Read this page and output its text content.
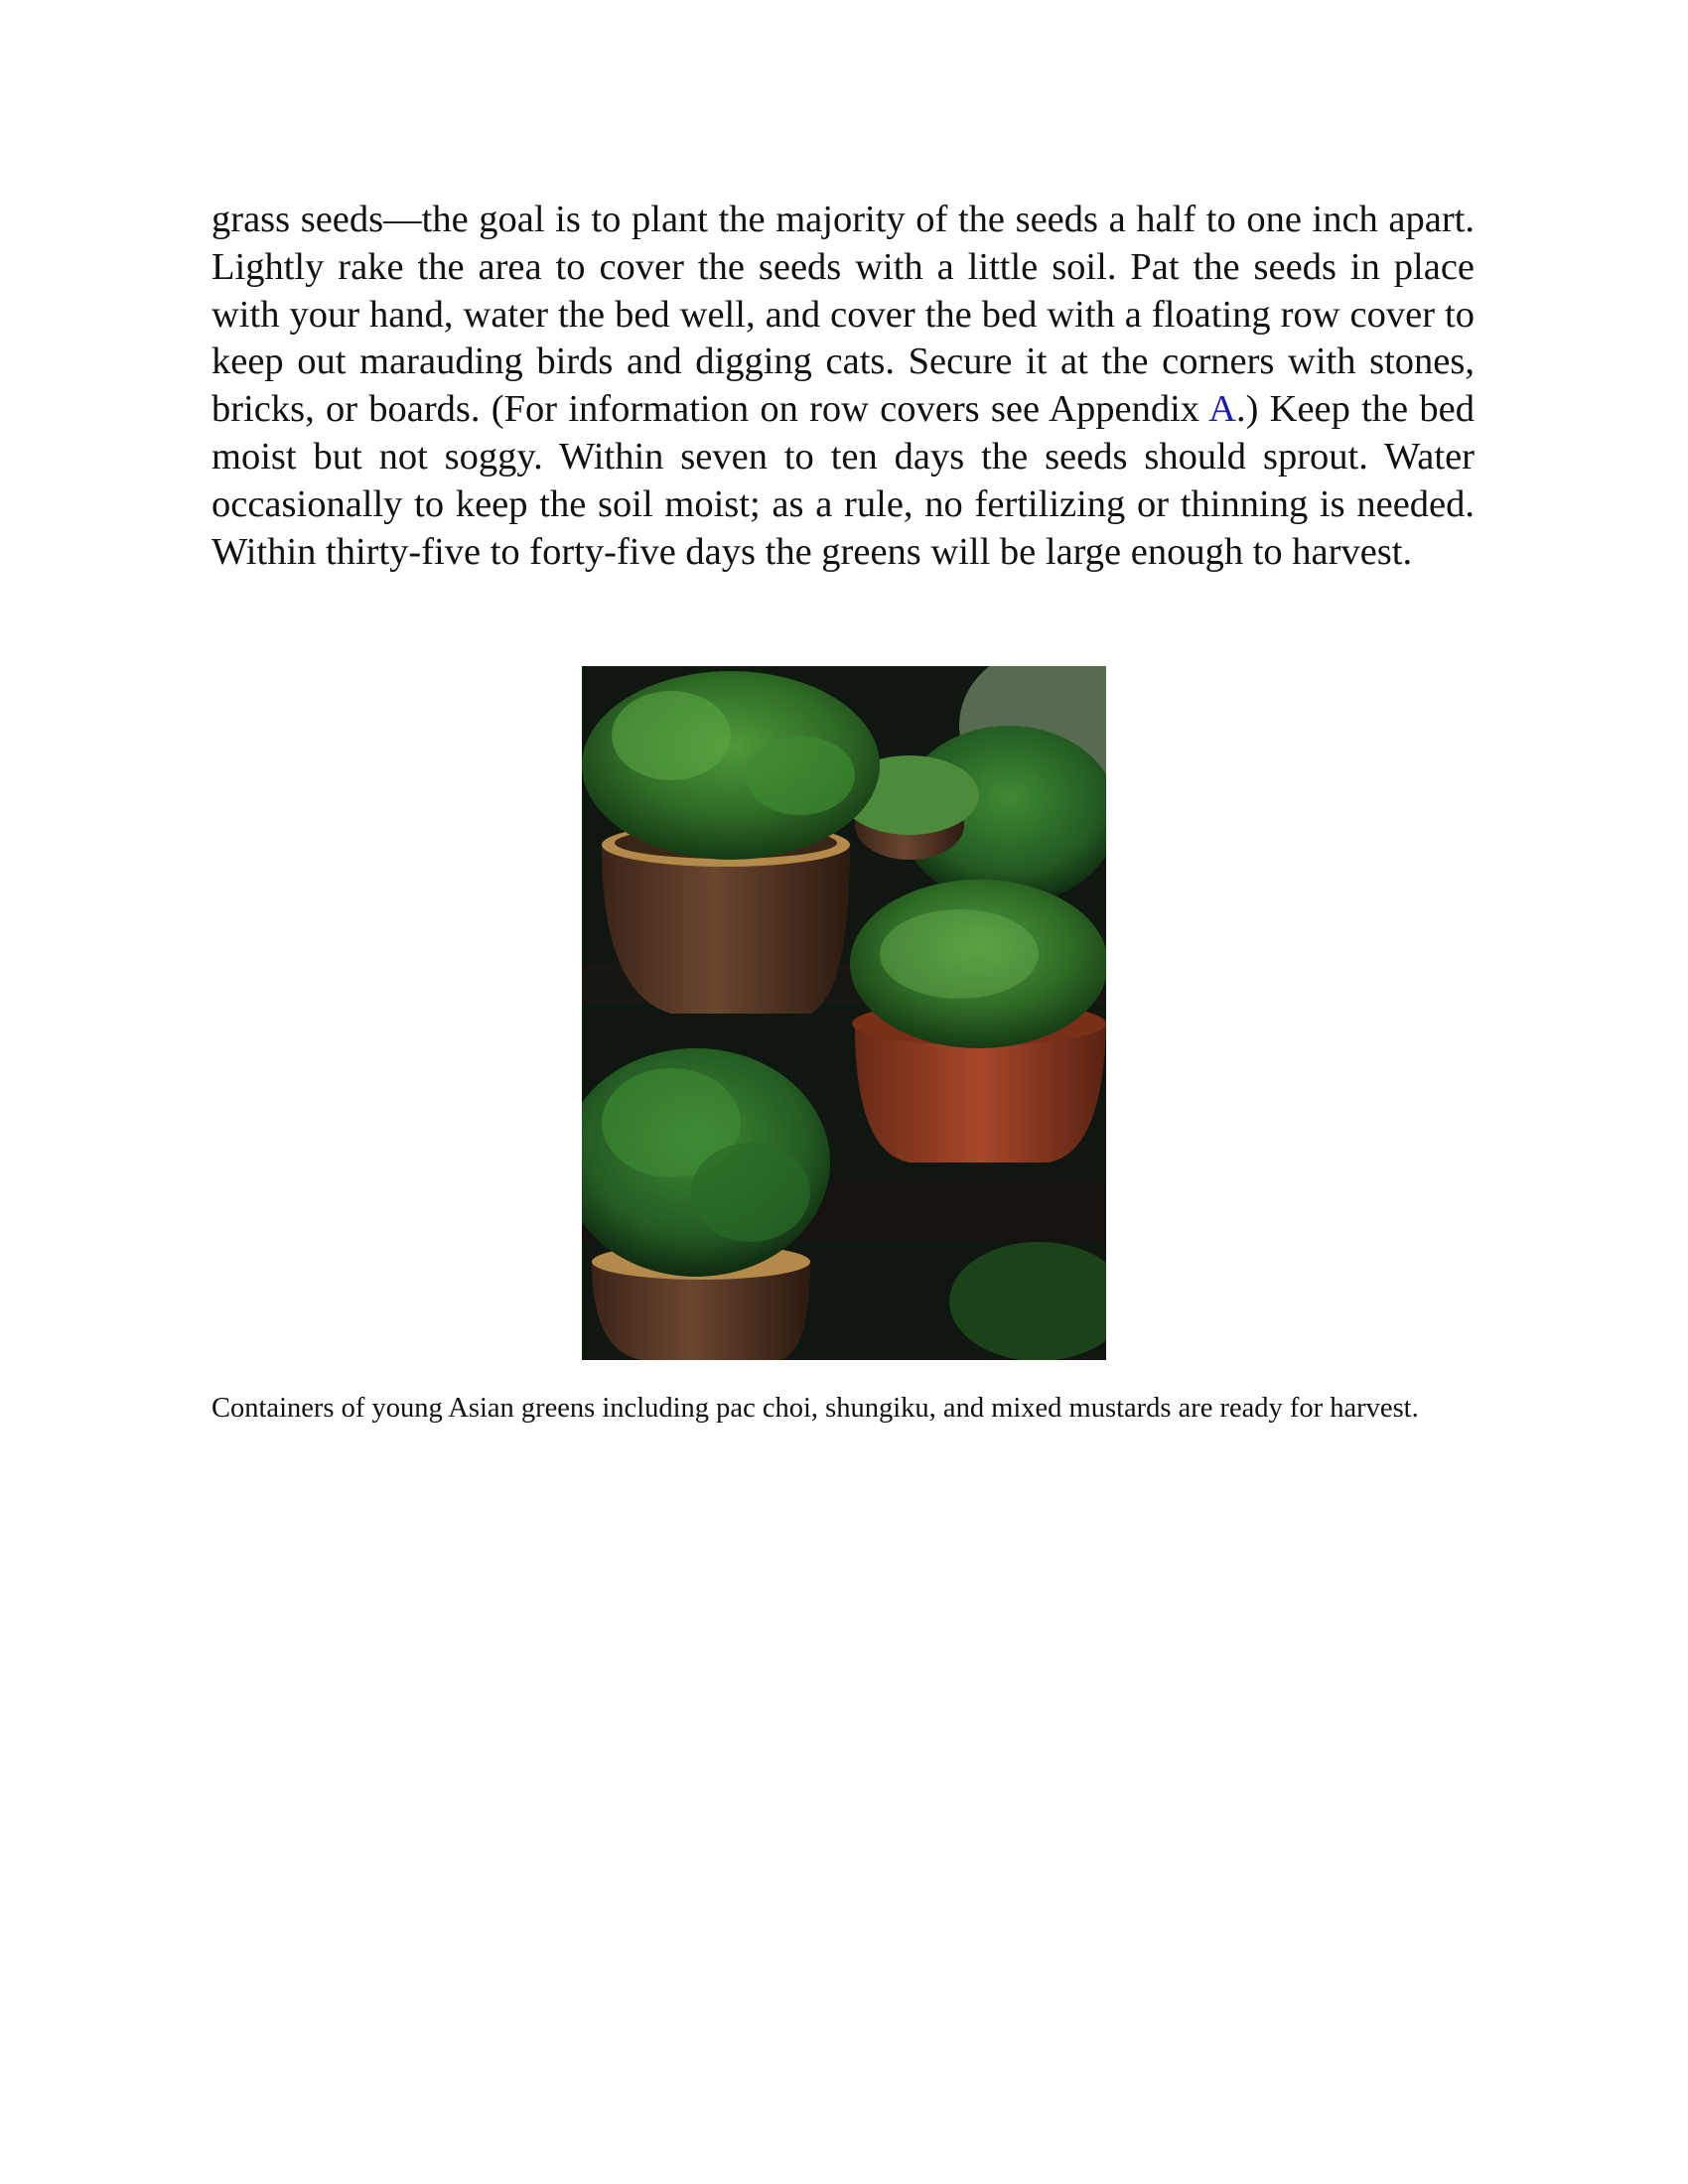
grass seeds—the goal is to plant the majority of the seeds a half to one inch apart. Lightly rake the area to cover the seeds with a little soil. Pat the seeds in place with your hand, water the bed well, and cover the bed with a floating row cover to keep out marauding birds and digging cats. Secure it at the corners with stones, bricks, or boards. (For information on row covers see Appendix A.) Keep the bed moist but not soggy. Within seven to ten days the seeds should sprout. Water occasionally to keep the soil moist; as a rule, no fertilizing or thinning is needed. Within thirty-five to forty-five days the greens will be large enough to harvest.

Containers of young Asian greens including pac choi, shungiku, and mixed mustards are ready for harvest.
